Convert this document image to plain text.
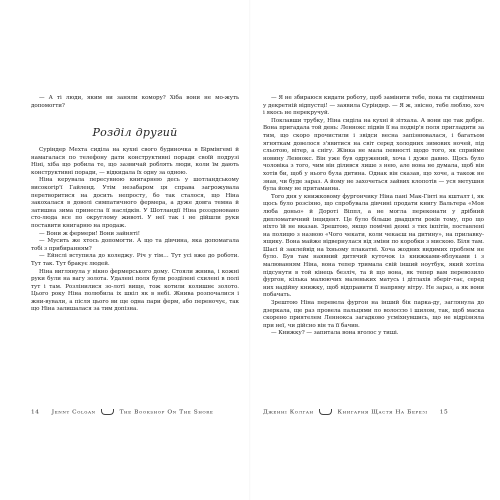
— А ті люди, яким ви заняли комору? Хіба вони не мо-жуть допомогти?

Розділ другий

Сурiндер Мехта сиділа на кухні свого будиночка в Бірмінгемі й намагалася по телефону дати конструктивні поради своїй подрузі Ніні, хіба що робила те, що зазвичай роблять люди, коли їм дають конструктивні поради, — відкидала їх одну за одною.

Ніна керувала пересувною книгарнею десь у шотландському високогір'ї Гайленд. Утім незабаром ця справа загрожувала перетворитися на досить непросту, бо так сталося, що Ніна закохалася в доволі симпатичного фермера, а дуже довга темна й затишна зима принесла її наслідків. У Шотландії Ніна розздоновано сто-люда все по округлому животі. У неї так і не дійшли руки поставити книгарню на продаж.

— Вони ж фермери! Вони зайняті!

— Мусить же хтось допомогти. А що та дівчина, яка допомагала тобі з прибиранням?

— Ейнслі вступила до коледжу. Річ у тім… Тут усі вже до роботи. Тут так. Тут бракує людей.

Ніна виглянула у вікно фермерського дому. Стояли жнива, і кожні руки були на вагу золота. Удалені поля були розділені схилені в полі тут і там. Розлінилися зо-лоті вище, тож котили колишнє золото. Цього року Ніна полюбила іх шкіл як в небі. Жнива розпочалися і жни-вували, а після цього ви ще одна пари ферм, або переночує, так що Ніна залишалася за тим допізна.

14 Jenny Colgan	The Bookshop On The Shore

— Я не збираюся кидати роботу, щоб замінити тебе, пока ти сидітимеш у декретній відпустці! — заявила Сурiндер. — Я ж, звісно, тебе люблю, хоч і якось не перекручуй.

Поклавши трубку, Ніна сиділа на кухні й зітхала. А вони ще так добре. Вона пригадала той день: Леннокс підвів її на подвір'я поля пригладити за тим, що скоро прочистили і звідси весна запізнювалася, і багатьом ягняткам довелося з'явитися на світ серед холодних зимових ночей, під сльотою, вітер, а снігу. Жінка не мала певності щодо того, як сприйме новину Леннокс. Він уже був одружений, хоча і дуже давно. Щось було чоловіка з того, чим він ділився лише з нею, але вона не думала, щоб він хотів би, щоб у нього була дитина. Однак він сказав, що хоче, а також не знав, чи буде зараз. А йому не захочеться зайвих клопотів — уся метушня була йому не притаманна.

Того дня у книжковому фургончику Ніна пані Мак-Гінті на кшталт і, як щось було розсіяно, що спробувала дівчині продати книгу Вальтера «Моя люба доньо» й Дороті Віппл, а не могла переконати у дрібний дипломатичний інцидент. Це було більше двадцяти років тому, про що ніхто їй не вказав. Зрештою, якщо помічні деякі з тих ікпітів, поставлені на полицю з назвою «Чого чекати, коли чекаєш на дитину», на прилавку-ящику. Вона майже відвернулася від зміни по коробки з мискою. Біля там. Шасі й заклейвід на їхньому плакатні. Хоча жодних видимих проблем не було. Був там наявний дитячий куточок із книжками-яблуками і з малюванням Ніна, вона тепер тримала свій інший ноутбук, який хотіла підсунути в той кінець безліч, та й що вона, як тепер вам перевозило фургон, кілька малюючих маленьких матусь і дітлахів зберіг-тає, серед них надійну книжку, щоб відправити її напряму вітру. Не зараз, а як вони побачать.

Зрештою Ніна перевела фургон на інший бік парка-ду, заглянула до дзеркала, ще раз провела пальцями по волоссю і шилом, так, щоб маска скорено приятелем Леннокса загадково усміхнувшись, що не відрізняла при неї, чи дійсно він та її бачив.

— Книжку? — запитала вона вголос у тиші.

Дженні Колган	Книгарня Щастя На Березі 15
